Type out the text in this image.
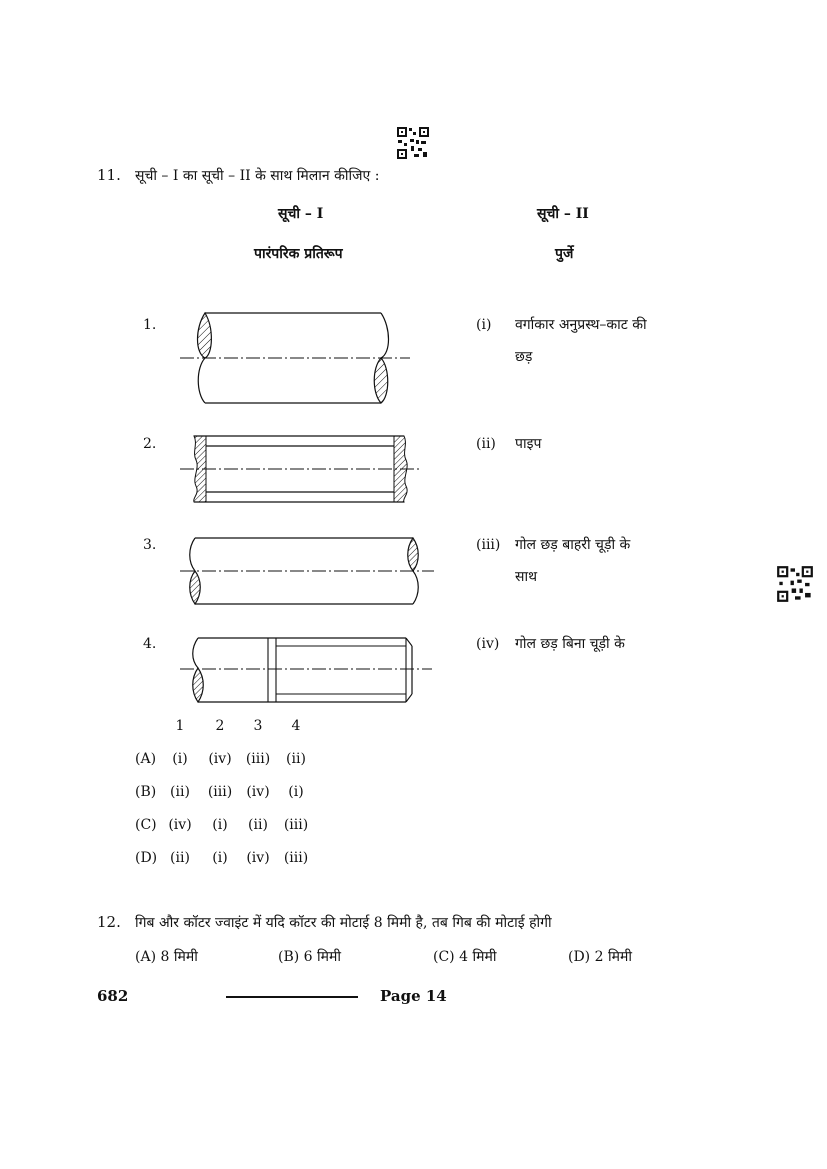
11. सूची – I का सूची – II के साथ मिलान कीजिए :
सूची – I
पारंपरिक प्रतिरूप
सूची – II
पुर्जे
1.	(i) वर्गाकार अनुप्रस्थ–काट की
छड़
2.	(ii) पाइप
3.	(iii) गोल छड़ बाहरी चूड़ी के
साथ
4.	(iv) गोल छड़ बिना चूड़ी के
1	2	3	4
(A)	(i)	(iv)	(iii)	(ii)
(B) (ii)	(iii)	(iv)	(i)
(C) (iv)	(i)	(ii)	(iii)
(D) (ii)	(i)	(iv)	(iii)
12. गिब और कॉटर ज्वाइंट में यदि कॉटर की मोटाई 8 मिमी है, तब गिब की मोटाई होगी
(A) 8 मिमी	(B) 6 मिमी	(C) 4 मिमी	(D) 2 मिमी
682	Page 14
